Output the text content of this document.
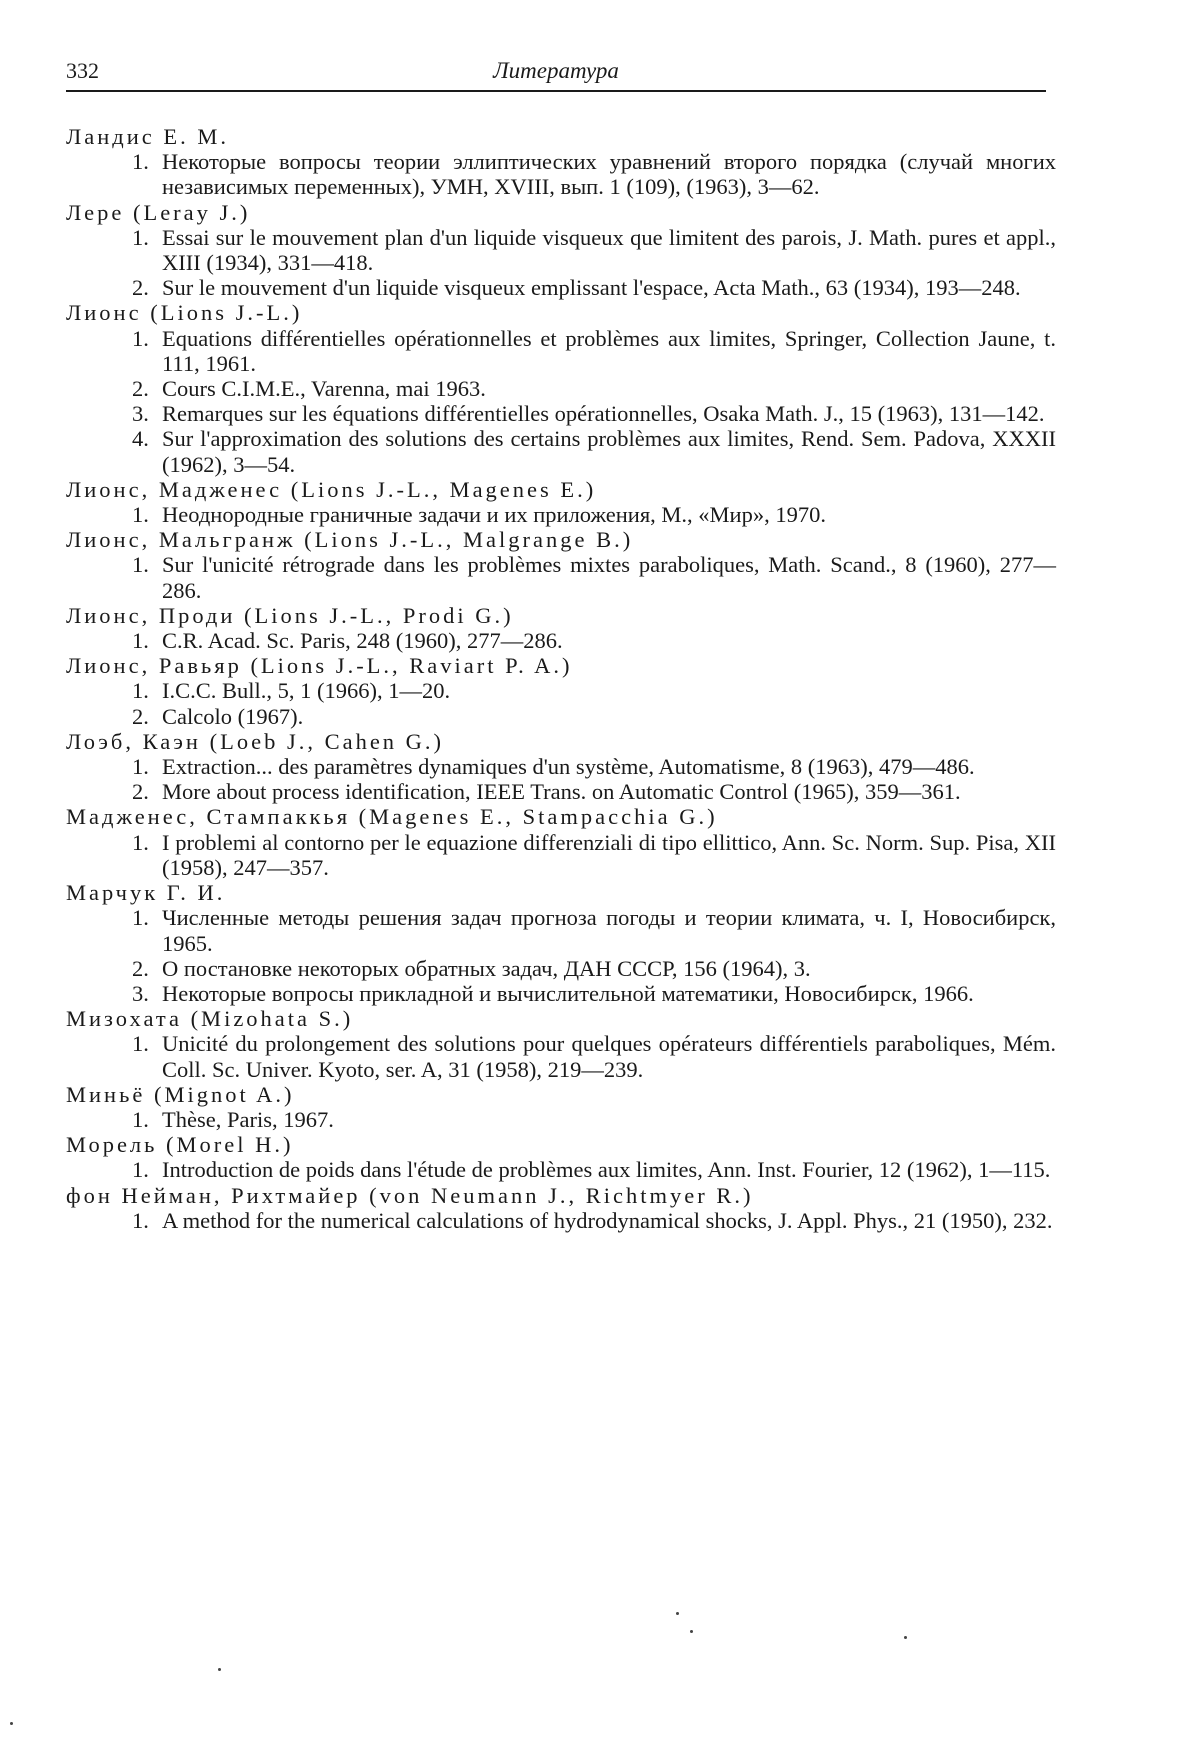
332	Литература

Ландис Е. М.

1. Некоторые вопросы теории эллиптических уравнений второго порядка (случай многих независимых переменных), УМН, XVIII, вып. 1 (109), (1963), 3—62.

Лере (Leray J.)

1. Essai sur le mouvement plan d'un liquide visqueux que limitent des parois, J. Math. pures et appl., XIII (1934), 331—418.

2. Sur le mouvement d'un liquide visqueux emplissant l'espace, Acta Math., 63 (1934), 193—248.

Лионс (Lions J.-L.)

1. Equations différentielles opérationnelles et problèmes aux limites, Springer, Collection Jaune, t. 111, 1961.

2. Cours C.I.M.E., Varenna, mai 1963.

3. Remarques sur les équations différentielles opérationnelles, Osaka Math. J., 15 (1963), 131—142.

4. Sur l'approximation des solutions des certains problèmes aux limites, Rend. Sem. Padova, XXXII (1962), 3—54.

Лионс, Мадженес (Lions J.-L., Magenes E.)

1. Неоднородные граничные задачи и их приложения, М., «Мир», 1970.

Лионс, Мальгранж (Lions J.-L., Malgrange B.)

1. Sur l'unicité rétrograde dans les problèmes mixtes paraboliques, Math. Scand., 8 (1960), 277—286.

Лионс, Проди (Lions J.-L., Prodi G.)

1. C.R. Acad. Sc. Paris, 248 (1960), 277—286.

Лионс, Равьяр (Lions J.-L., Raviart P. A.)

1. I.C.C. Bull., 5, 1 (1966), 1—20.

2. Calcolo (1967).

Лоэб, Каэн (Loeb J., Cahen G.)

1. Extraction... des paramètres dynamiques d'un système, Automatisme, 8 (1963), 479—486.

2. More about process identification, IEEE Trans. on Automatic Control (1965), 359—361.

Мадженес, Стампаккья (Magenes E., Stampacchia G.)

1. I problemi al contorno per le equazione differenziali di tipo ellittico, Ann. Sc. Norm. Sup. Pisa, XII (1958), 247—357.

Марчук Г. И.

1. Численные методы решения задач прогноза погоды и теории климата, ч. I, Новосибирск, 1965.

2. О постановке некоторых обратных задач, ДАН СССР, 156 (1964), 3.

3. Некоторые вопросы прикладной и вычислительной математики, Новосибирск, 1966.

Мизохата (Mizohata S.)

1. Unicité du prolongement des solutions pour quelques opérateurs différentiels paraboliques, Mém. Coll. Sc. Univer. Kyoto, ser. A, 31 (1958), 219—239.

Миньё (Mignot A.)

1. Thèse, Paris, 1967.

Морель (Morel H.)

1. Introduction de poids dans l'étude de problèmes aux limites, Ann. Inst. Fourier, 12 (1962), 1—115.

фон Нейман, Рихтмайер (von Neumann J., Richtmyer R.)

1. A method for the numerical calculations of hydrodynamical shocks, J. Appl. Phys., 21 (1950), 232.
